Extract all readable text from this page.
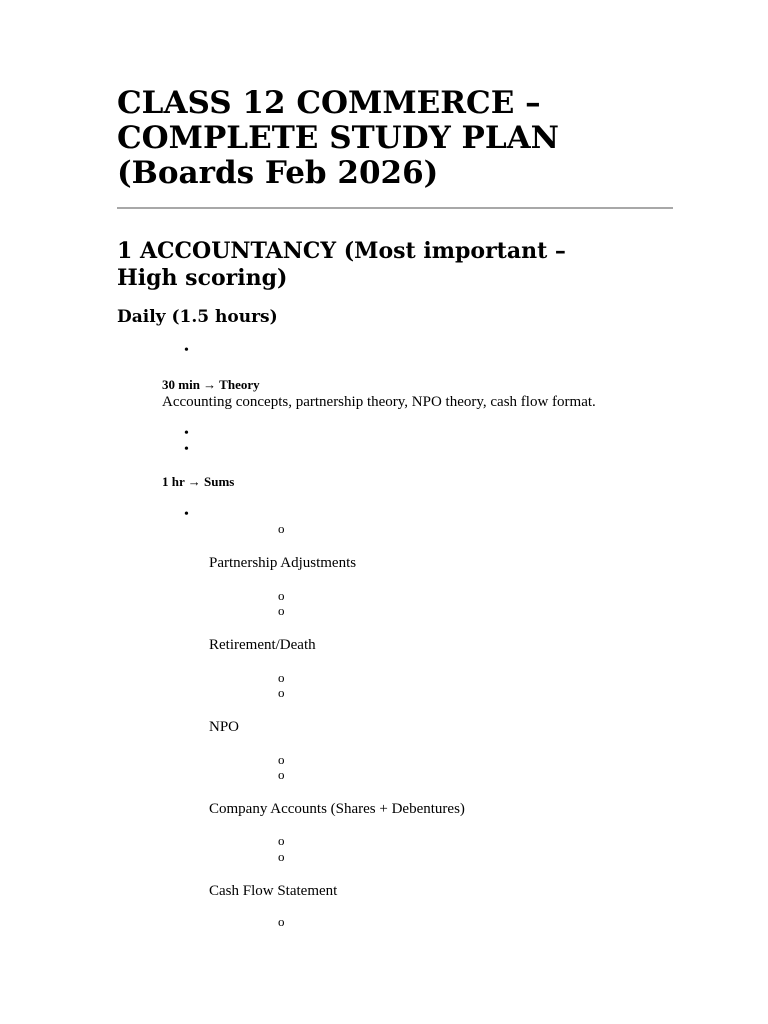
CLASS 12 COMMERCE –
COMPLETE STUDY PLAN
(Boards Feb 2026)
1 ACCOUNTANCY (Most important –
High scoring)
Daily (1.5 hours)
•

30 min → Theory

Accounting concepts, partnership theory, NPO theory, cash flow format.

•
•

1 hr → Sums

•
o

Partnership Adjustments

o
o

Retirement/Death

o
o

NPO

o
o

Company Accounts (Shares + Debentures)

o
o

Cash Flow Statement

o
